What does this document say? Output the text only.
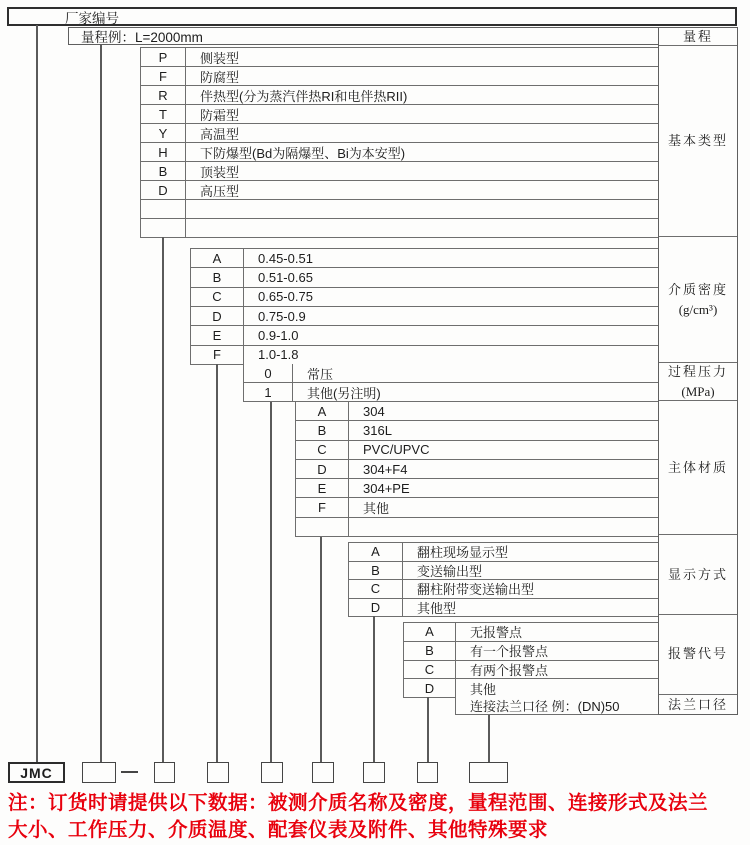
厂家编号
量程例：L=2000mm
P	侧装型
F	防腐型
R	伴热型(分为蒸汽伴热RI和电伴热RII)
T	防霜型
Y	高温型
H	下防爆型(Bd为隔爆型、Bi为本安型)
B	顶装型
D	高压型
A	0.45-0.51
B	0.51-0.65
C	0.65-0.75
D	0.75-0.9
E	0.9-1.0
F	1.0-1.8
0	常压
1	其他(另注明)
A	304
B	316L
C	PVC/UPVC
D	304+F4
E	304+PE
F	其他
A	翻柱现场显示型
B	变送输出型
C	翻柱附带变送输出型
D	其他型
A	无报警点
B	有一个报警点
C	有两个报警点
D	其他
连接法兰口径 例：(DN)50
量程
基本类型
介质密度
(g/cm³)
过程压力
(MPa)
主体材质
显示方式
报警代号
法兰口径
JMC
注：订货时请提供以下数据：被测介质名称及密度，量程范围、连接形式及法兰
大小、工作压力、介质温度、配套仪表及附件、其他特殊要求
